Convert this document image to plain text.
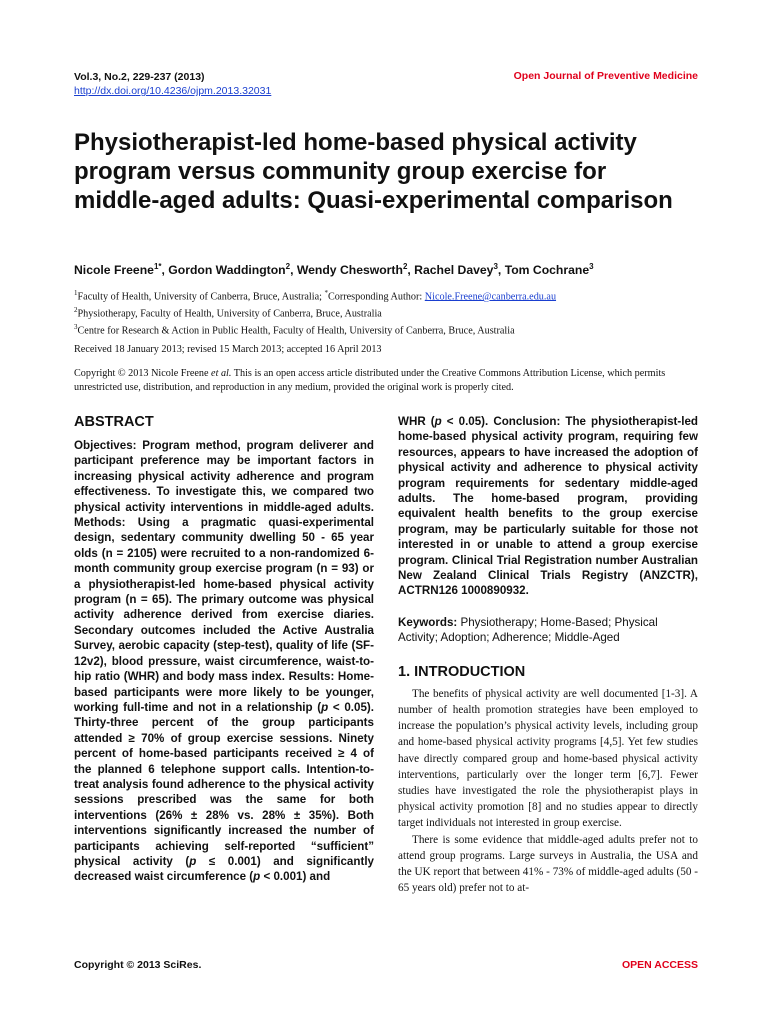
Vol.3, No.2, 229-237 (2013)
http://dx.doi.org/10.4236/ojpm.2013.32031
Open Journal of Preventive Medicine
Physiotherapist-led home-based physical activity program versus community group exercise for middle-aged adults: Quasi-experimental comparison
Nicole Freene$^{1*}$, Gordon Waddington$^2$, Wendy Chesworth$^2$, Rachel Davey$^3$, Tom Cochrane$^3$
$^1$Faculty of Health, University of Canberra, Bruce, Australia; *Corresponding Author: Nicole.Freene@canberra.edu.au
$^2$Physiotherapy, Faculty of Health, University of Canberra, Bruce, Australia
$^3$Centre for Research & Action in Public Health, Faculty of Health, University of Canberra, Bruce, Australia
Received 18 January 2013; revised 15 March 2013; accepted 16 April 2013
Copyright © 2013 Nicole Freene et al. This is an open access article distributed under the Creative Commons Attribution License, which permits unrestricted use, distribution, and reproduction in any medium, provided the original work is properly cited.
ABSTRACT

Objectives: Program method, program deliverer and participant preference may be important factors in increasing physical activity adherence and program effectiveness. To investigate this, we compared two physical activity interventions in middle-aged adults. Methods: Using a pragmatic quasi-experimental design, sedentary community dwelling 50 - 65 year olds (n = 2105) were recruited to a non-randomized 6-month community group exercise program (n = 93) or a physiotherapist-led home-based physical activity program (n = 65). The primary outcome was physical activity adherence derived from exercise diaries. Secondary outcomes included the Active Australia Survey, aerobic capacity (step-test), quality of life (SF-12v2), blood pressure, waist circumference, waist-to-hip ratio (WHR) and body mass index. Results: Home-based participants were more likely to be younger, working full-time and not in a relationship (p < 0.05). Thirty-three percent of the group participants attended ≥ 70% of group exercise sessions. Ninety percent of home-based participants received ≥ 4 of the planned 6 telephone support calls. Intention-to-treat analysis found adherence to the physical activity sessions prescribed was the same for both interventions (26% ± 28% vs. 28% ± 35%). Both interventions significantly increased the number of participants achieving self-reported “sufficient” physical activity (p ≤ 0.001) and significantly decreased waist circumference (p < 0.001) and

WHR (p < 0.05). Conclusion: The physiotherapist-led home-based physical activity program, requiring few resources, appears to have increased the adoption of physical activity and adherence to physical activity program requirements for sedentary middle-aged adults. The home-based program, providing equivalent health benefits to the group exercise program, may be particularly suitable for those not interested in or unable to attend a group exercise program. Clinical Trial Registration number Australian New Zealand Clinical Trials Registry (ANZCTR), ACTRN126 1000890932.

Keywords: Physiotherapy; Home-Based; Physical Activity; Adoption; Adherence; Middle-Aged

1. INTRODUCTION

The benefits of physical activity are well documented [1-3]. A number of health promotion strategies have been employed to increase the population’s physical activity levels, including group and home-based physical activity programs [4,5]. Yet few studies have directly compared group and home-based physical activity interventions, particularly over the longer term [6,7]. Fewer studies have investigated the role the physiotherapist plays in physical activity promotion [8] and no studies appear to directly target individuals not interested in group exercise.

There is some evidence that middle-aged adults prefer not to attend group programs. Large surveys in Australia, the USA and the UK report that between 41% - 73% of middle-aged adults (50 - 65 years old) prefer not to at-

Copyright © 2013 SciRes.	OPEN ACCESS
